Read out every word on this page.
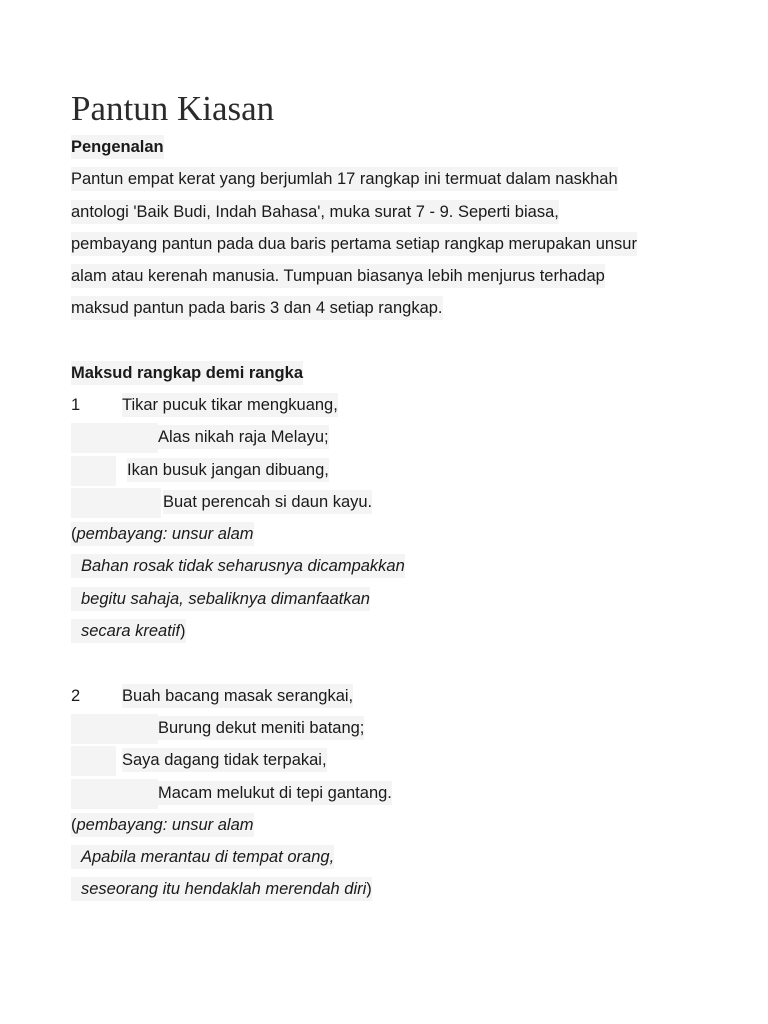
Pantun Kiasan
Pengenalan
Pantun empat kerat yang berjumlah 17 rangkap ini termuat dalam naskhah
antologi 'Baik Budi, Indah Bahasa', muka surat 7 - 9. Seperti biasa,
pembayang pantun pada dua baris pertama setiap rangkap merupakan unsur
alam atau kerenah manusia. Tumpuan biasanya lebih menjurus terhadap
maksud pantun pada baris 3 dan 4 setiap rangkap.
Maksud rangkap demi rangka
1	Tikar pucuk tikar mengkuang,
Alas nikah raja Melayu;
Ikan busuk jangan dibuang,
Buat perencah si daun kayu.
(pembayang: unsur alam
Bahan rosak tidak seharusnya dicampakkan
begitu sahaja, sebaliknya dimanfaatkan
secara kreatif)
2	Buah bacang masak serangkai,
Burung dekut meniti batang;
Saya dagang tidak terpakai,
Macam melukut di tepi gantang.
(pembayang: unsur alam
Apabila merantau di tempat orang,
seseorang itu hendaklah merendah diri)
